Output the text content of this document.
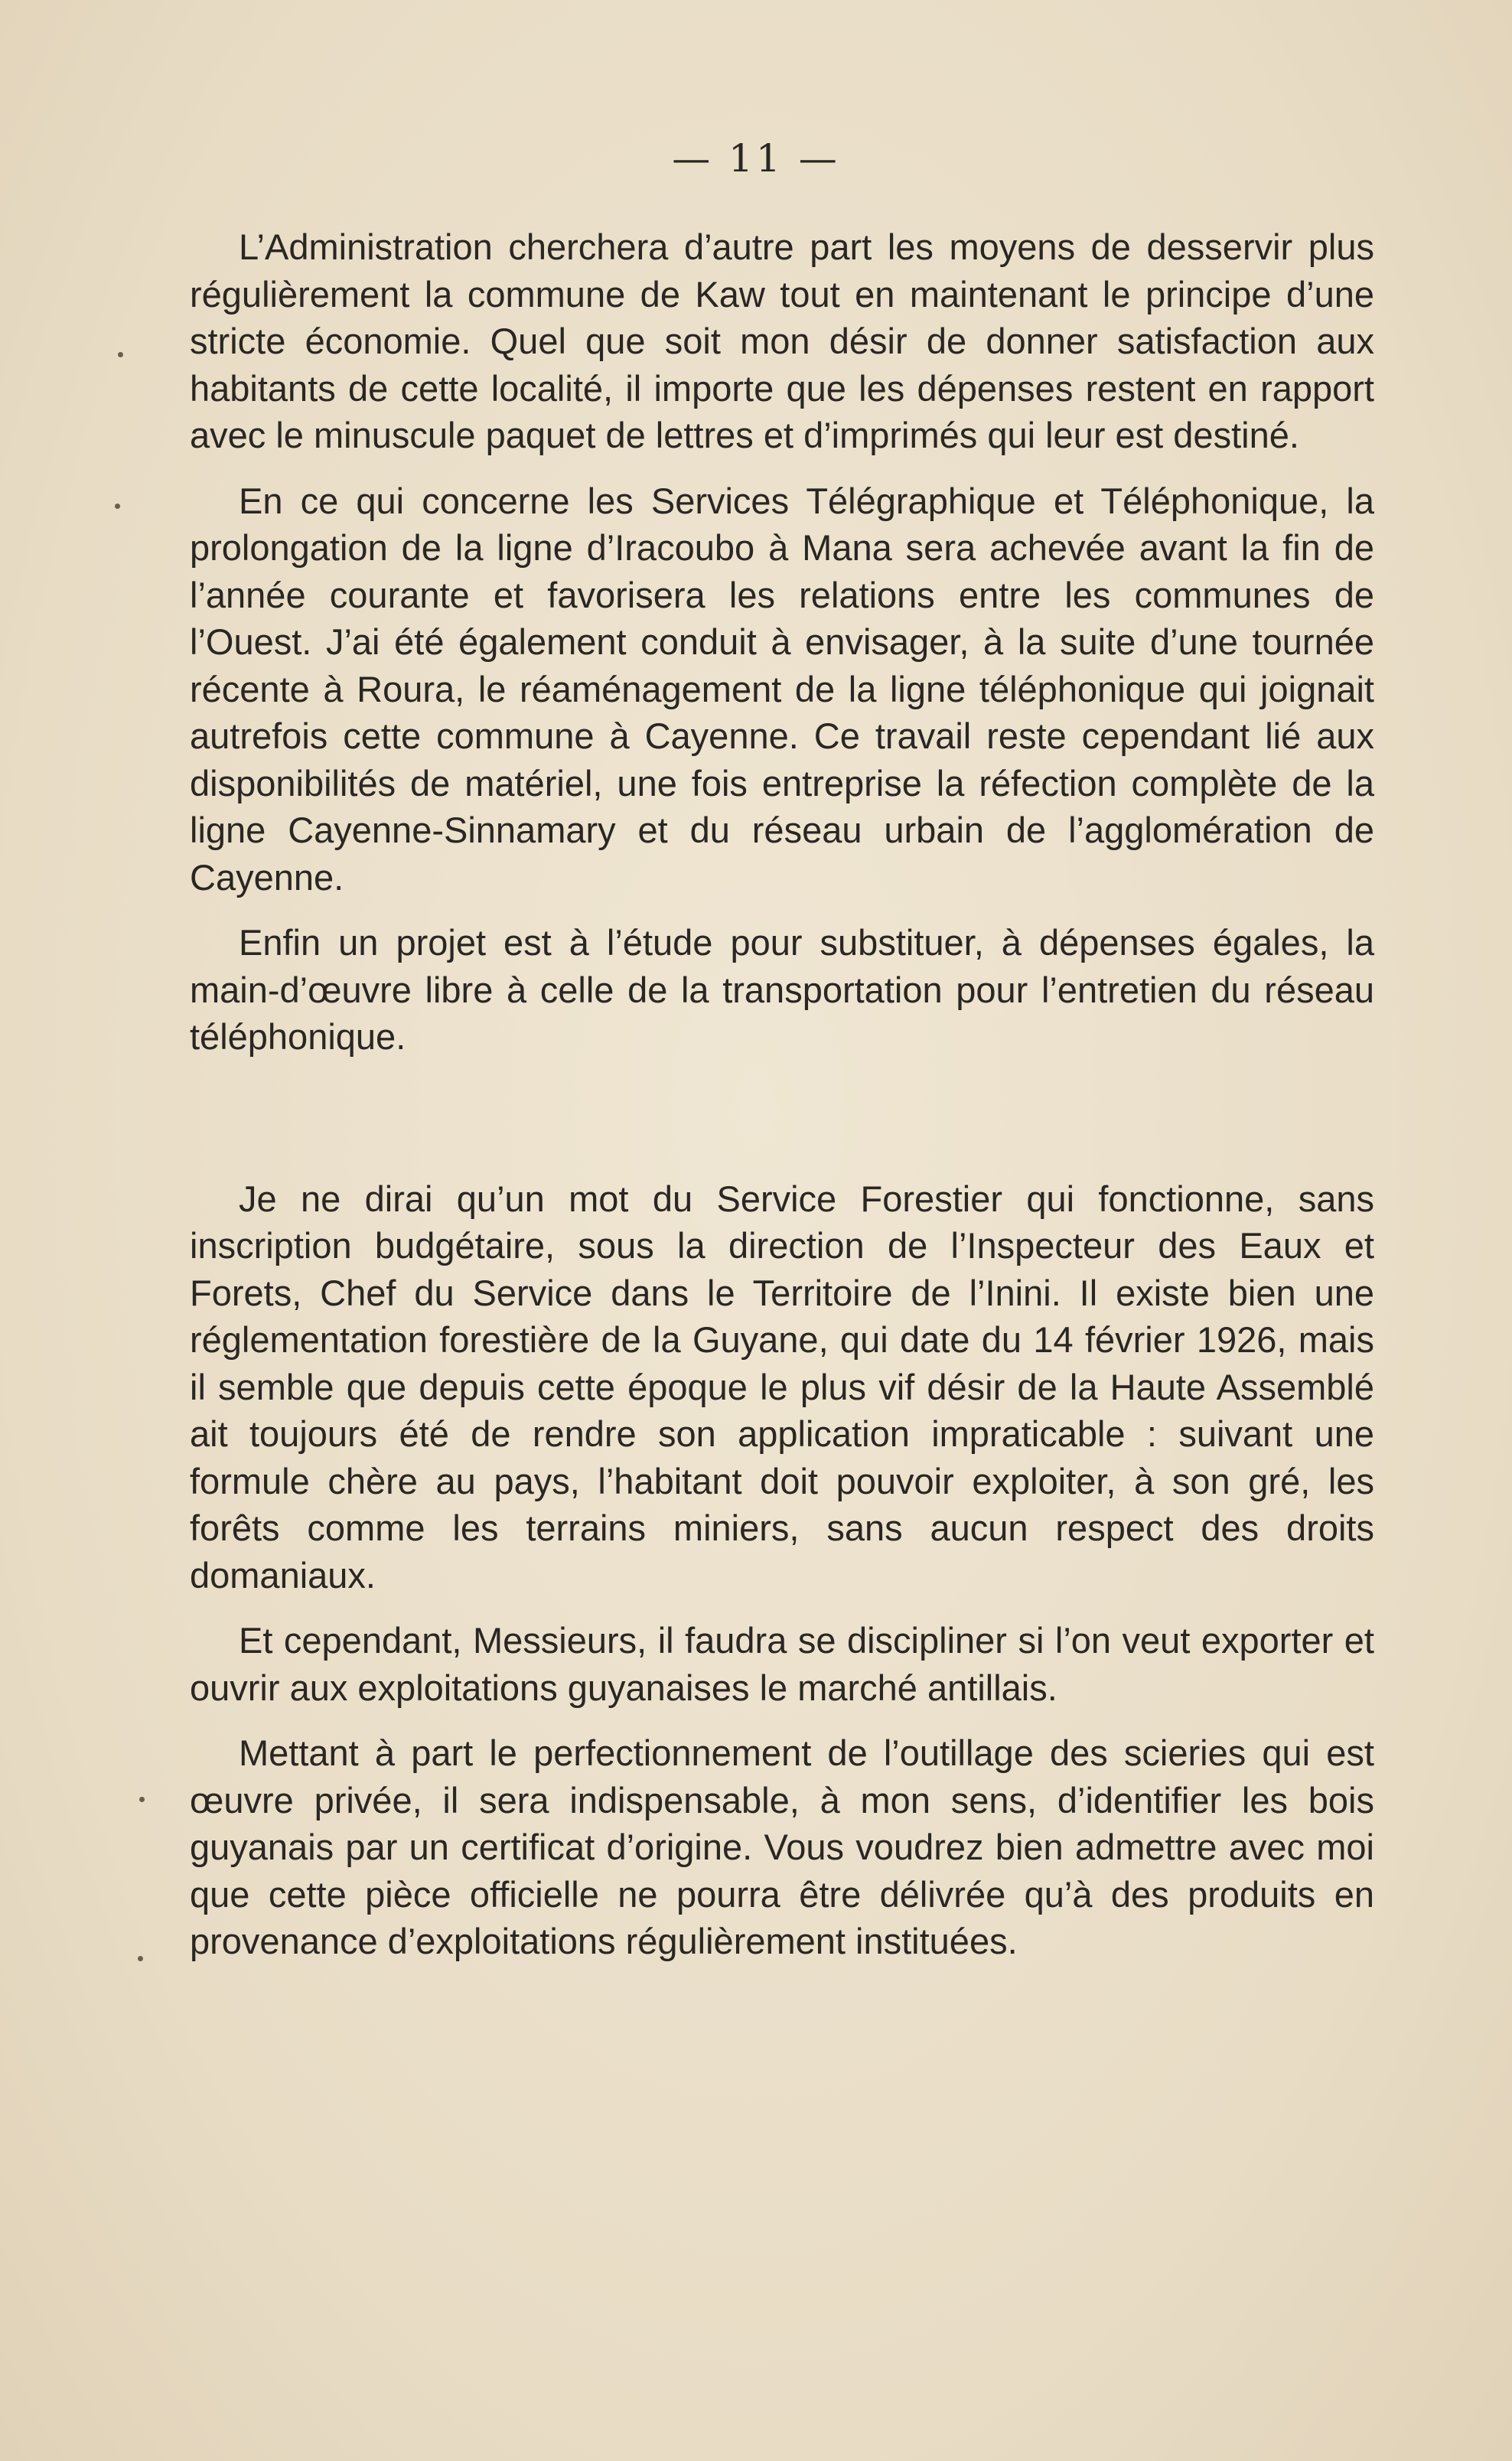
— 11 —

L’Administration cherchera d’autre part les moyens de desservir plus régulièrement la commune de Kaw tout en maintenant le principe d’une stricte économie. Quel que soit mon désir de donner satisfaction aux habitants de cette localité, il importe que les dépenses restent en rapport avec le minuscule paquet de lettres et d’imprimés qui leur est destiné.

En ce qui concerne les Services Télégraphique et Téléphonique, la prolongation de la ligne d’Iracoubo à Mana sera achevée avant la fin de l’année courante et favorisera les relations entre les communes de l’Ouest. J’ai été également conduit à envisager, à la suite d’une tournée récente à Roura, le réaménagement de la ligne téléphonique qui joignait autrefois cette commune à Cayenne. Ce travail reste cependant lié aux disponibilités de matériel, une fois entreprise la réfection complète de la ligne Cayenne-Sinnamary et du réseau urbain de l’agglomération de Cayenne.

Enfin un projet est à l’étude pour substituer, à dépenses égales, la main-d’œuvre libre à celle de la transportation pour l’entretien du réseau téléphonique.

Je ne dirai qu’un mot du Service Forestier qui fonctionne, sans inscription budgétaire, sous la direction de l’Inspecteur des Eaux et Forets, Chef du Service dans le Territoire de l’Inini. Il existe bien une réglementation forestière de la Guyane, qui date du 14 février 1926, mais il semble que depuis cette époque le plus vif désir de la Haute Assemblé ait toujours été de rendre son application impraticable : suivant une formule chère au pays, l’habitant doit pouvoir exploiter, à son gré, les forêts comme les terrains miniers, sans aucun respect des droits domaniaux.

Et cependant, Messieurs, il faudra se discipliner si l’on veut exporter et ouvrir aux exploitations guyanaises le marché antillais.

Mettant à part le perfectionnement de l’outillage des scieries qui est œuvre privée, il sera indispensable, à mon sens, d’identifier les bois guyanais par un certificat d’origine. Vous voudrez bien admettre avec moi que cette pièce officielle ne pourra être délivrée qu’à des produits en provenance d’exploitations régulièrement instituées.
